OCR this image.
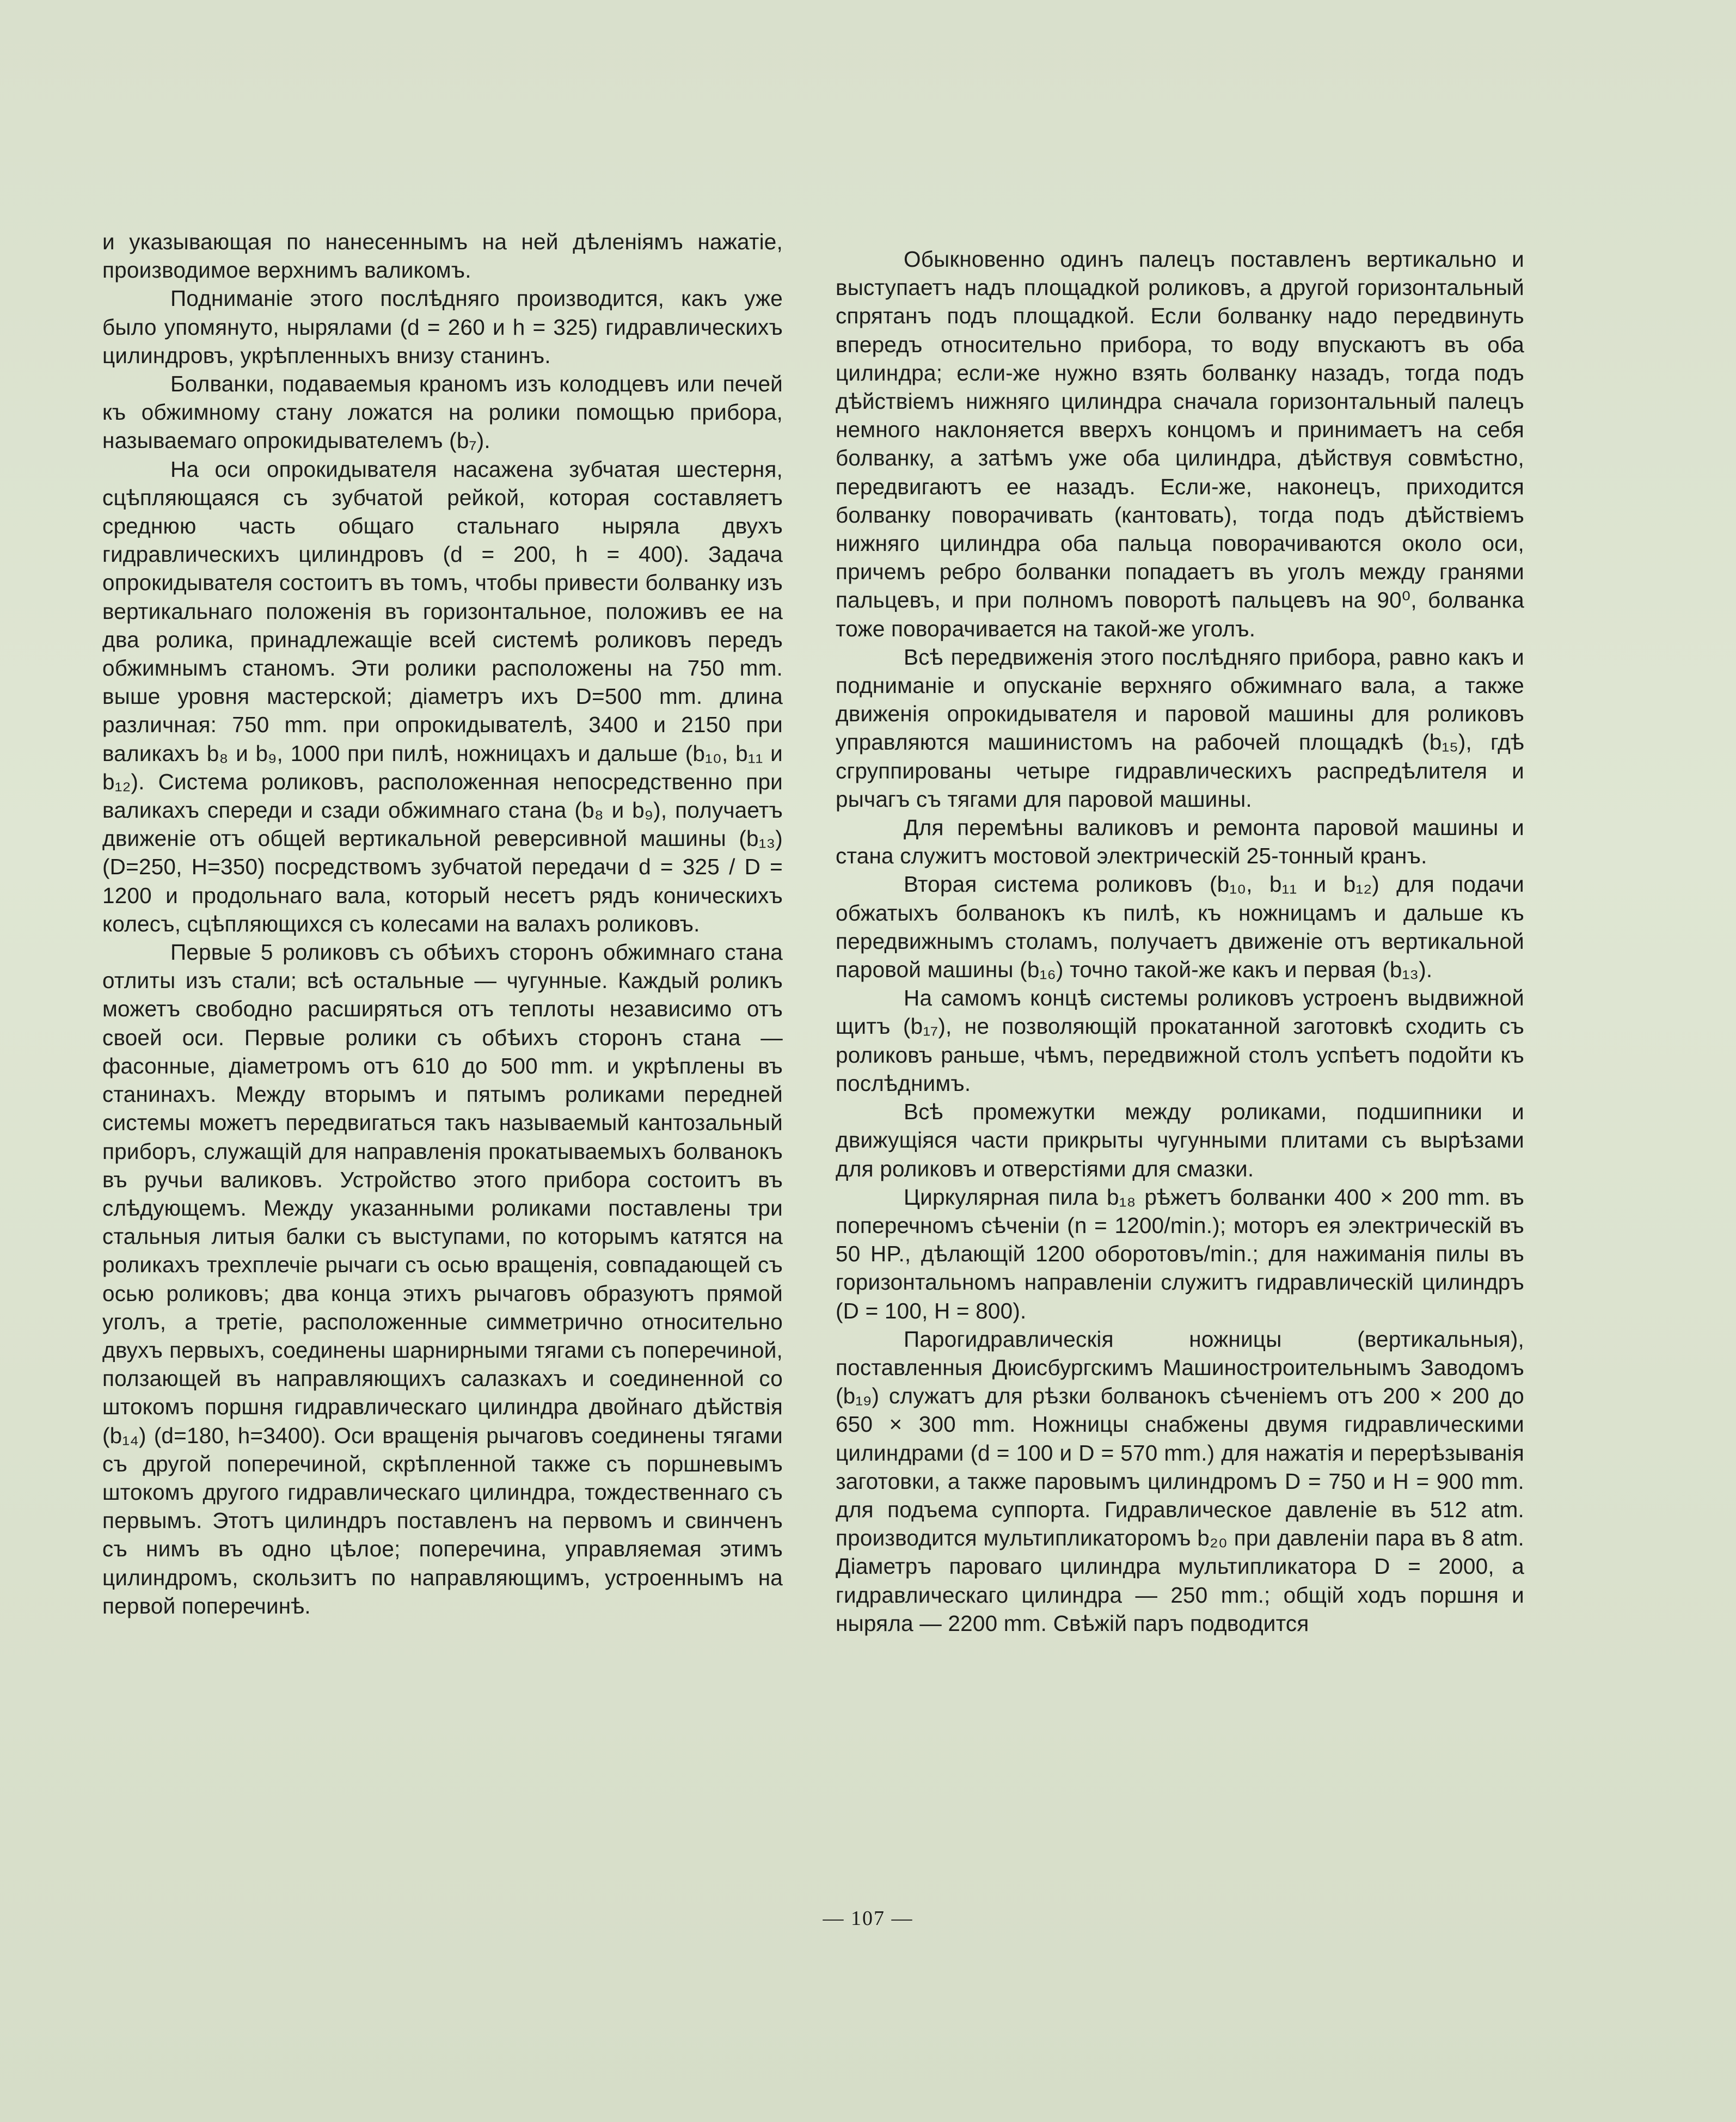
и указывающая по нанесеннымъ на ней дѣленіямъ нажатіе, производимое верхнимъ валикомъ.

Подниманіе этого послѣдняго производится, какъ уже было упомянуто, нырялами (d = 260 и h = 325) гидравлическихъ цилиндровъ, укрѣпленныхъ внизу станинъ.

Болванки, подаваемыя краномъ изъ колодцевъ или печей къ обжимному стану ложатся на ролики помощью прибора, называемаго опрокидывателемъ (b₇).

На оси опрокидывателя насажена зубчатая шестерня, сцѣпляющаяся съ зубчатой рейкой, которая составляетъ среднюю часть общаго стальнаго ныряла двухъ гидравлическихъ цилиндровъ (d = 200, h = 400). Задача опрокидывателя состоитъ въ томъ, чтобы привести болванку изъ вертикальнаго положенія въ горизонтальное, положивъ ее на два ролика, принадлежащіе всей системѣ роликовъ передъ обжимнымъ станомъ. Эти ролики расположены на 750 mm. выше уровня мастерской; діаметръ ихъ D=500 mm. длина различная: 750 mm. при опрокидывателѣ, 3400 и 2150 при валикахъ b₈ и b₉, 1000 при пилѣ, ножницахъ и дальше (b₁₀, b₁₁ и b₁₂). Система роликовъ, расположенная непосредственно при валикахъ спереди и сзади обжимнаго стана (b₈ и b₉), получаетъ движеніе отъ общей вертикальной реверсивной машины (b₁₃) (D=250, H=350) посредствомъ зубчатой передачи d = 325 / D = 1200 и продольнаго вала, который несетъ рядъ коническихъ колесъ, сцѣпляющихся съ колесами на валахъ роликовъ.

Первые 5 роликовъ съ обѣихъ сторонъ обжимнаго стана отлиты изъ стали; всѣ остальные — чугунные. Каждый роликъ можетъ свободно расширяться отъ теплоты независимо отъ своей оси. Первые ролики съ обѣихъ сторонъ стана — фасонные, діаметромъ отъ 610 до 500 mm. и укрѣплены въ станинахъ. Между вторымъ и пятымъ роликами передней системы можетъ передвигаться такъ называемый кантозальный приборъ, служащій для направленія прокатываемыхъ болванокъ въ ручьи валиковъ. Устройство этого прибора состоитъ въ слѣдующемъ. Между указанными роликами поставлены три стальныя литыя балки съ выступами, по которымъ катятся на роликахъ трехплечіе рычаги съ осью вращенія, совпадающей съ осью роликовъ; два конца этихъ рычаговъ образуютъ прямой уголъ, а третіе, расположенные симметрично относительно двухъ первыхъ, соединены шарнирными тягами съ поперечиной, ползающей въ направляющихъ салазкахъ и соединенной со штокомъ поршня гидравлическаго цилиндра двойнаго дѣйствія (b₁₄) (d=180, h=3400). Оси вращенія рычаговъ соединены тягами съ другой поперечиной, скрѣпленной также съ поршневымъ штокомъ другого гидравлическаго цилиндра, тождественнаго съ первымъ. Этотъ цилиндръ поставленъ на первомъ и свинченъ съ нимъ въ одно цѣлое; поперечина, управляемая этимъ цилиндромъ, скользитъ по направляющимъ, устроеннымъ на первой поперечинѣ.

Обыкновенно одинъ палецъ поставленъ вертикально и выступаетъ надъ площадкой роликовъ, а другой горизонтальный спрятанъ подъ площадкой. Если болванку надо передвинуть впередъ относительно прибора, то воду впускаютъ въ оба цилиндра; если-же нужно взять болванку назадъ, тогда подъ дѣйствіемъ нижняго цилиндра сначала горизонтальный палецъ немного наклоняется вверхъ концомъ и принимаетъ на себя болванку, а затѣмъ уже оба цилиндра, дѣйствуя совмѣстно, передвигаютъ ее назадъ. Если-же, наконецъ, приходится болванку поворачивать (кантовать), тогда подъ дѣйствіемъ нижняго цилиндра оба пальца поворачиваются около оси, причемъ ребро болванки попадаетъ въ уголъ между гранями пальцевъ, и при полномъ поворотѣ пальцевъ на 90⁰, болванка тоже поворачивается на такой-же уголъ.

Всѣ передвиженія этого послѣдняго прибора, равно какъ и подниманіе и опусканіе верхняго обжимнаго вала, а также движенія опрокидывателя и паровой машины для роликовъ управляются машинистомъ на рабочей площадкѣ (b₁₅), гдѣ сгруппированы четыре гидравлическихъ распредѣлителя и рычагъ съ тягами для паровой машины.

Для перемѣны валиковъ и ремонта паровой машины и стана служитъ мостовой электрическій 25-тонный кранъ.

Вторая система роликовъ (b₁₀, b₁₁ и b₁₂) для подачи обжатыхъ болванокъ къ пилѣ, къ ножницамъ и дальше къ передвижнымъ столамъ, получаетъ движеніе отъ вертикальной паровой машины (b₁₆) точно такой-же какъ и первая (b₁₃).

На самомъ концѣ системы роликовъ устроенъ выдвижной щитъ (b₁₇), не позволяющій прокатанной заготовкѣ сходить съ роликовъ раньше, чѣмъ, передвижной столъ успѣетъ подойти къ послѣднимъ.

Всѣ промежутки между роликами, подшипники и движущіяся части прикрыты чугунными плитами съ вырѣзами для роликовъ и отверстіями для смазки.

Циркулярная пила b₁₈ рѣжетъ болванки 400 × 200 mm. въ поперечномъ сѣченіи (n = 1200/min.); моторъ ея электрическій въ 50 HP., дѣлающій 1200 оборотовъ/min.; для нажиманія пилы въ горизонтальномъ направленіи служитъ гидравлическій цилиндръ (D = 100, H = 800).

Парогидравлическія ножницы (вертикальныя), поставленныя Дюисбургскимъ Машиностроительнымъ Заводомъ (b₁₉) служатъ для рѣзки болванокъ сѣченіемъ отъ 200 × 200 до 650 × 300 mm. Ножницы снабжены двумя гидравлическими цилиндрами (d = 100 и D = 570 mm.) для нажатія и перерѣзыванія заготовки, а также паровымъ цилиндромъ D = 750 и H = 900 mm. для подъема суппорта. Гидравлическое давленіе въ 512 atm. производится мультипликаторомъ b₂₀ при давленіи пара въ 8 atm. Діаметръ пароваго цилиндра мультипликатора D = 2000, а гидравлическаго цилиндра — 250 mm.; общій ходъ поршня и ныряла — 2200 mm. Свѣжій паръ подводится

— 107 —
